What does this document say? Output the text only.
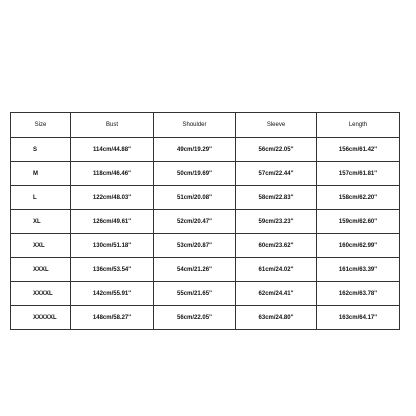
Size	Bust	Shoulder	Sleeve	Length
S	114cm/44.88''	49cm/19.29''	56cm/22.05''	156cm/61.42''
M	118cm/46.46''	50cm/19.69''	57cm/22.44''	157cm/61.81''
L	122cm/48.03''	51cm/20.08''	58cm/22.83''	158cm/62.20''
XL	126cm/49.61''	52cm/20.47''	59cm/23.23''	159cm/62.60''
XXL	130cm/51.18''	53cm/20.87''	60cm/23.62''	160cm/62.99''
XXXL	136cm/53.54''	54cm/21.26''	61cm/24.02''	161cm/63.39''
XXXXL	142cm/55.91''	55cm/21.65''	62cm/24.41''	162cm/63.78''
XXXXXL	148cm/58.27''	56cm/22.05''	63cm/24.80''	163cm/64.17''
